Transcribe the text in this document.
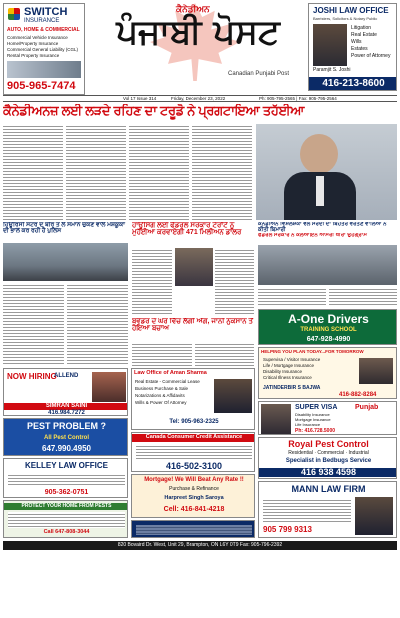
SWITCH
INSURANCE
AUTO, HOME & COMMERCIAL
Commercial Vehicle Insurance
Home/Property Insurance
Commercial General Liability (CGL)
Rental Property Insurance
905-965-7474
ਕੈਨੇਡੀਅਨ
ਪੰਜਾਬੀ ਪੋਸਟ
Canadian Punjabi Post
JOSHI LAW OFFICE
Barristers, Solicitors & Notary Public
Litigation
Real Estate
Wills
Estates
Power of Attorney
Paramjit S. Joshi
416-213-8600
Vol 17 Issue 314	Friday, December 23, 2022	Ph: 905-795-2565 | Fax: 905-795-2564
ਕੈਨੇਡੀਅਨਜ਼ ਲਈ ਲੜਦੇ ਰਹਿਣ ਦਾ ਟਰੂਡੋ ਨੇ ਪ੍ਰਗਟਾਇਆ ਤਹੱਈਆ
ਹਿਊਰਿਸੀ ਸਟੋਰ ਦੇ ਬੀਰੇ ਤੋਂ ਲੈ ਸਮਾਨ ਚੁੱਕਣ ਵਾਲੇ ਮਸ਼ਕੂਕਾਂ ਦੀ ਭਾਲ ਕਰ ਰਹੀ ਹੈ ਪੁਲਿਸ
ਹਾਊਸਿੰਗ ਲਈ ਫੈਡਰਲ ਸਰਕਾਰ ਟੋਰਾਂਟੋ ਨੂੰ ਮੁਹੱਈਆ ਕਰਵਾਏਗੀ 471 ਮਿਲੀਅਨ ਡਾਲਰ
ਬਵੰਡਰ ਦੇ ਘਰ ਵਿੱਚ ਲੱਗੀ ਅੱਗ, ਜਾਨੀ ਨੁਕਸਾਨ ਤੋਂ ਹੋਇਆ ਬਚਾਅ
ਕੈਨੇਡੀਅਨ ਵਿਸ਼ਲੇਸ਼ਕਾਂ ਵਲੋਂ ਸਰਦੀ ਦਾ ਬਿਹਤਰ ਵਰਤਣ ਵਾਲਿਆਂ ਨੇ ਕੀਤੀ ਬਿਮਾਰੀ
ਫੈਡਰਲ ਸਰਕਾਰ ਨੇ ਕੋਲਆਇਨ ਆਸਰੀ ਖੀਰਾ ਉਹਗ੍ਰਾਮ
A-One Drivers
TRAINING SCHOOL
647-928-4990
HELPING YOU PLAN TODAY...FOR TOMORROW
Supervisa / Visitor Insurance
Life / Mortgage Insurance
Disability Insurance
Critical Illness Insurance
JATINDERBIR S BAJWA
416-882-8284
NOW HIRING
ALLEND
SIMRAN SAINI
416.984.7272
PEST PROBLEM ?
All Pest Control
647.990.4950
KELLEY LAW OFFICE
905-362-0751
PROTECT YOUR HOME FROM PESTS
Call 647-808-3044
Law Office of Aman Sharma
Real Estate - Commercial Lease
Business Purchase & Sale
Notarizations & Affidavits
Wills & Power Of Attorney
Tel: 905-963-2325
SUPER VISA	Punjab
Disability Insurance
Mortgage Insurance
Life Insurance
Ph: 416.728.5000
Canada Consumer Credit Assistance
416-502-3100
Royal Pest Control
Residential · Commercial · Industrial
Specialist in Bedbugs Service
416 938 4598
Mortgage! We Will Beat Any Rate !!
Purchase & Refinance
Harpreet Singh Saroya
Cell: 416-841-4218
MANN LAW FIRM
905 799 9313
820 Bovaird Dr. West, Unit 29, Brampton, ON L6Y 0T9 Fax: 905-796-2392
